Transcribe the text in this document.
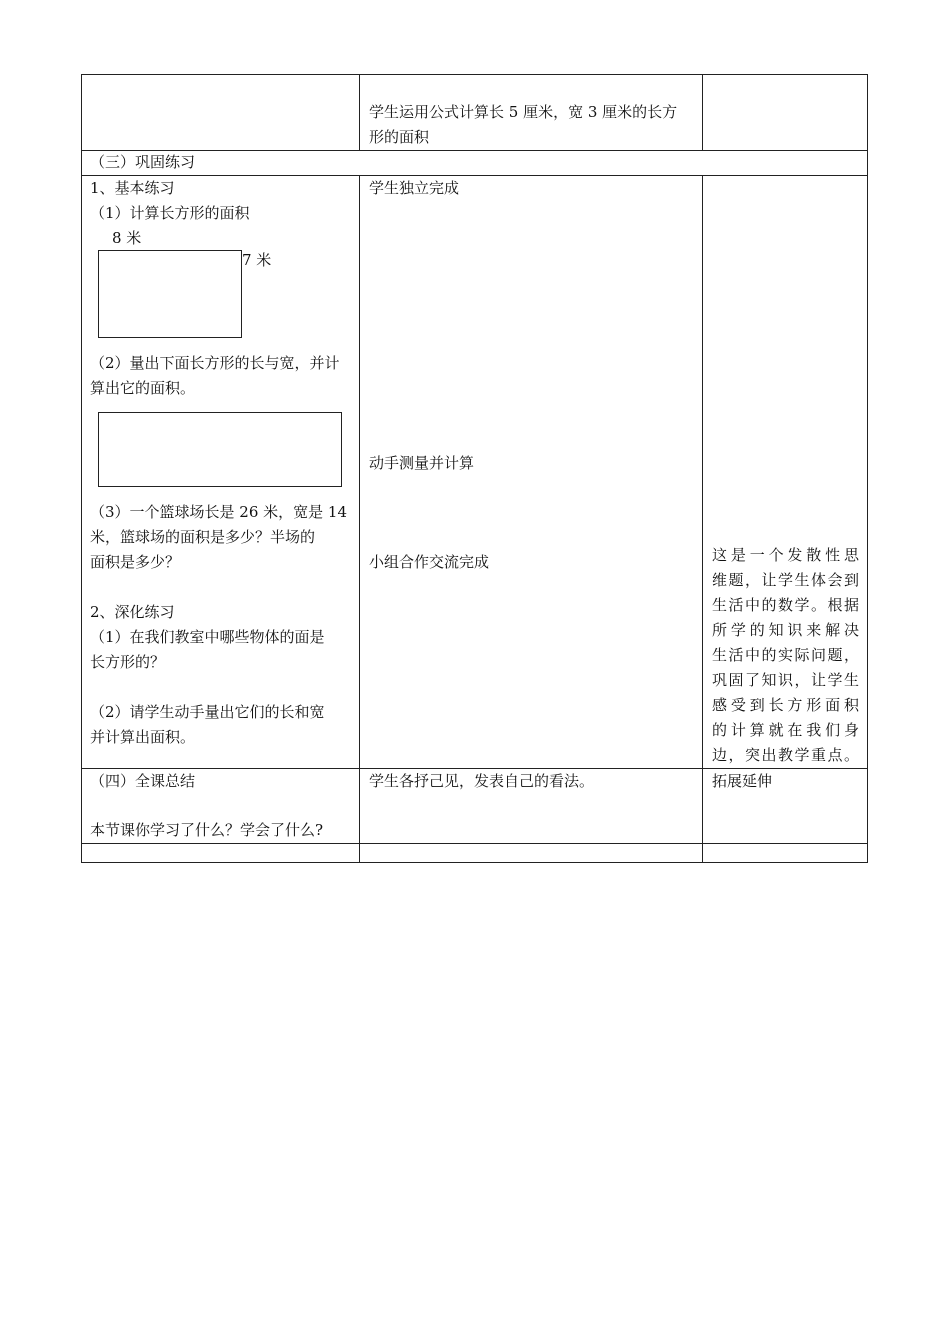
学生运用公式计算长 5 厘米，宽 3 厘米的长方
形的面积
（三）巩固练习
1、基本练习
（1）计算长方形的面积
8 米
7 米
（2）量出下面长方形的长与宽，并计
算出它的面积。
（3）一个篮球场长是 26 米，宽是 14
米，篮球场的面积是多少？半场的
面积是多少？
2、深化练习
（1）在我们教室中哪些物体的面是
长方形的？
（2）请学生动手量出它们的长和宽
并计算出面积。
学生独立完成
动手测量并计算
小组合作交流完成	这是一个发散性思
维题，让学生体会到
生活中的数学。根据
所学的知识来解决
生活中的实际问题，
巩固了知识，让学生
感受到长方形面积
的计算就在我们身
边，突出教学重点。
（四）全课总结
本节课你学习了什么？学会了什么?
学生各抒己见，发表自己的看法。	拓展延伸
